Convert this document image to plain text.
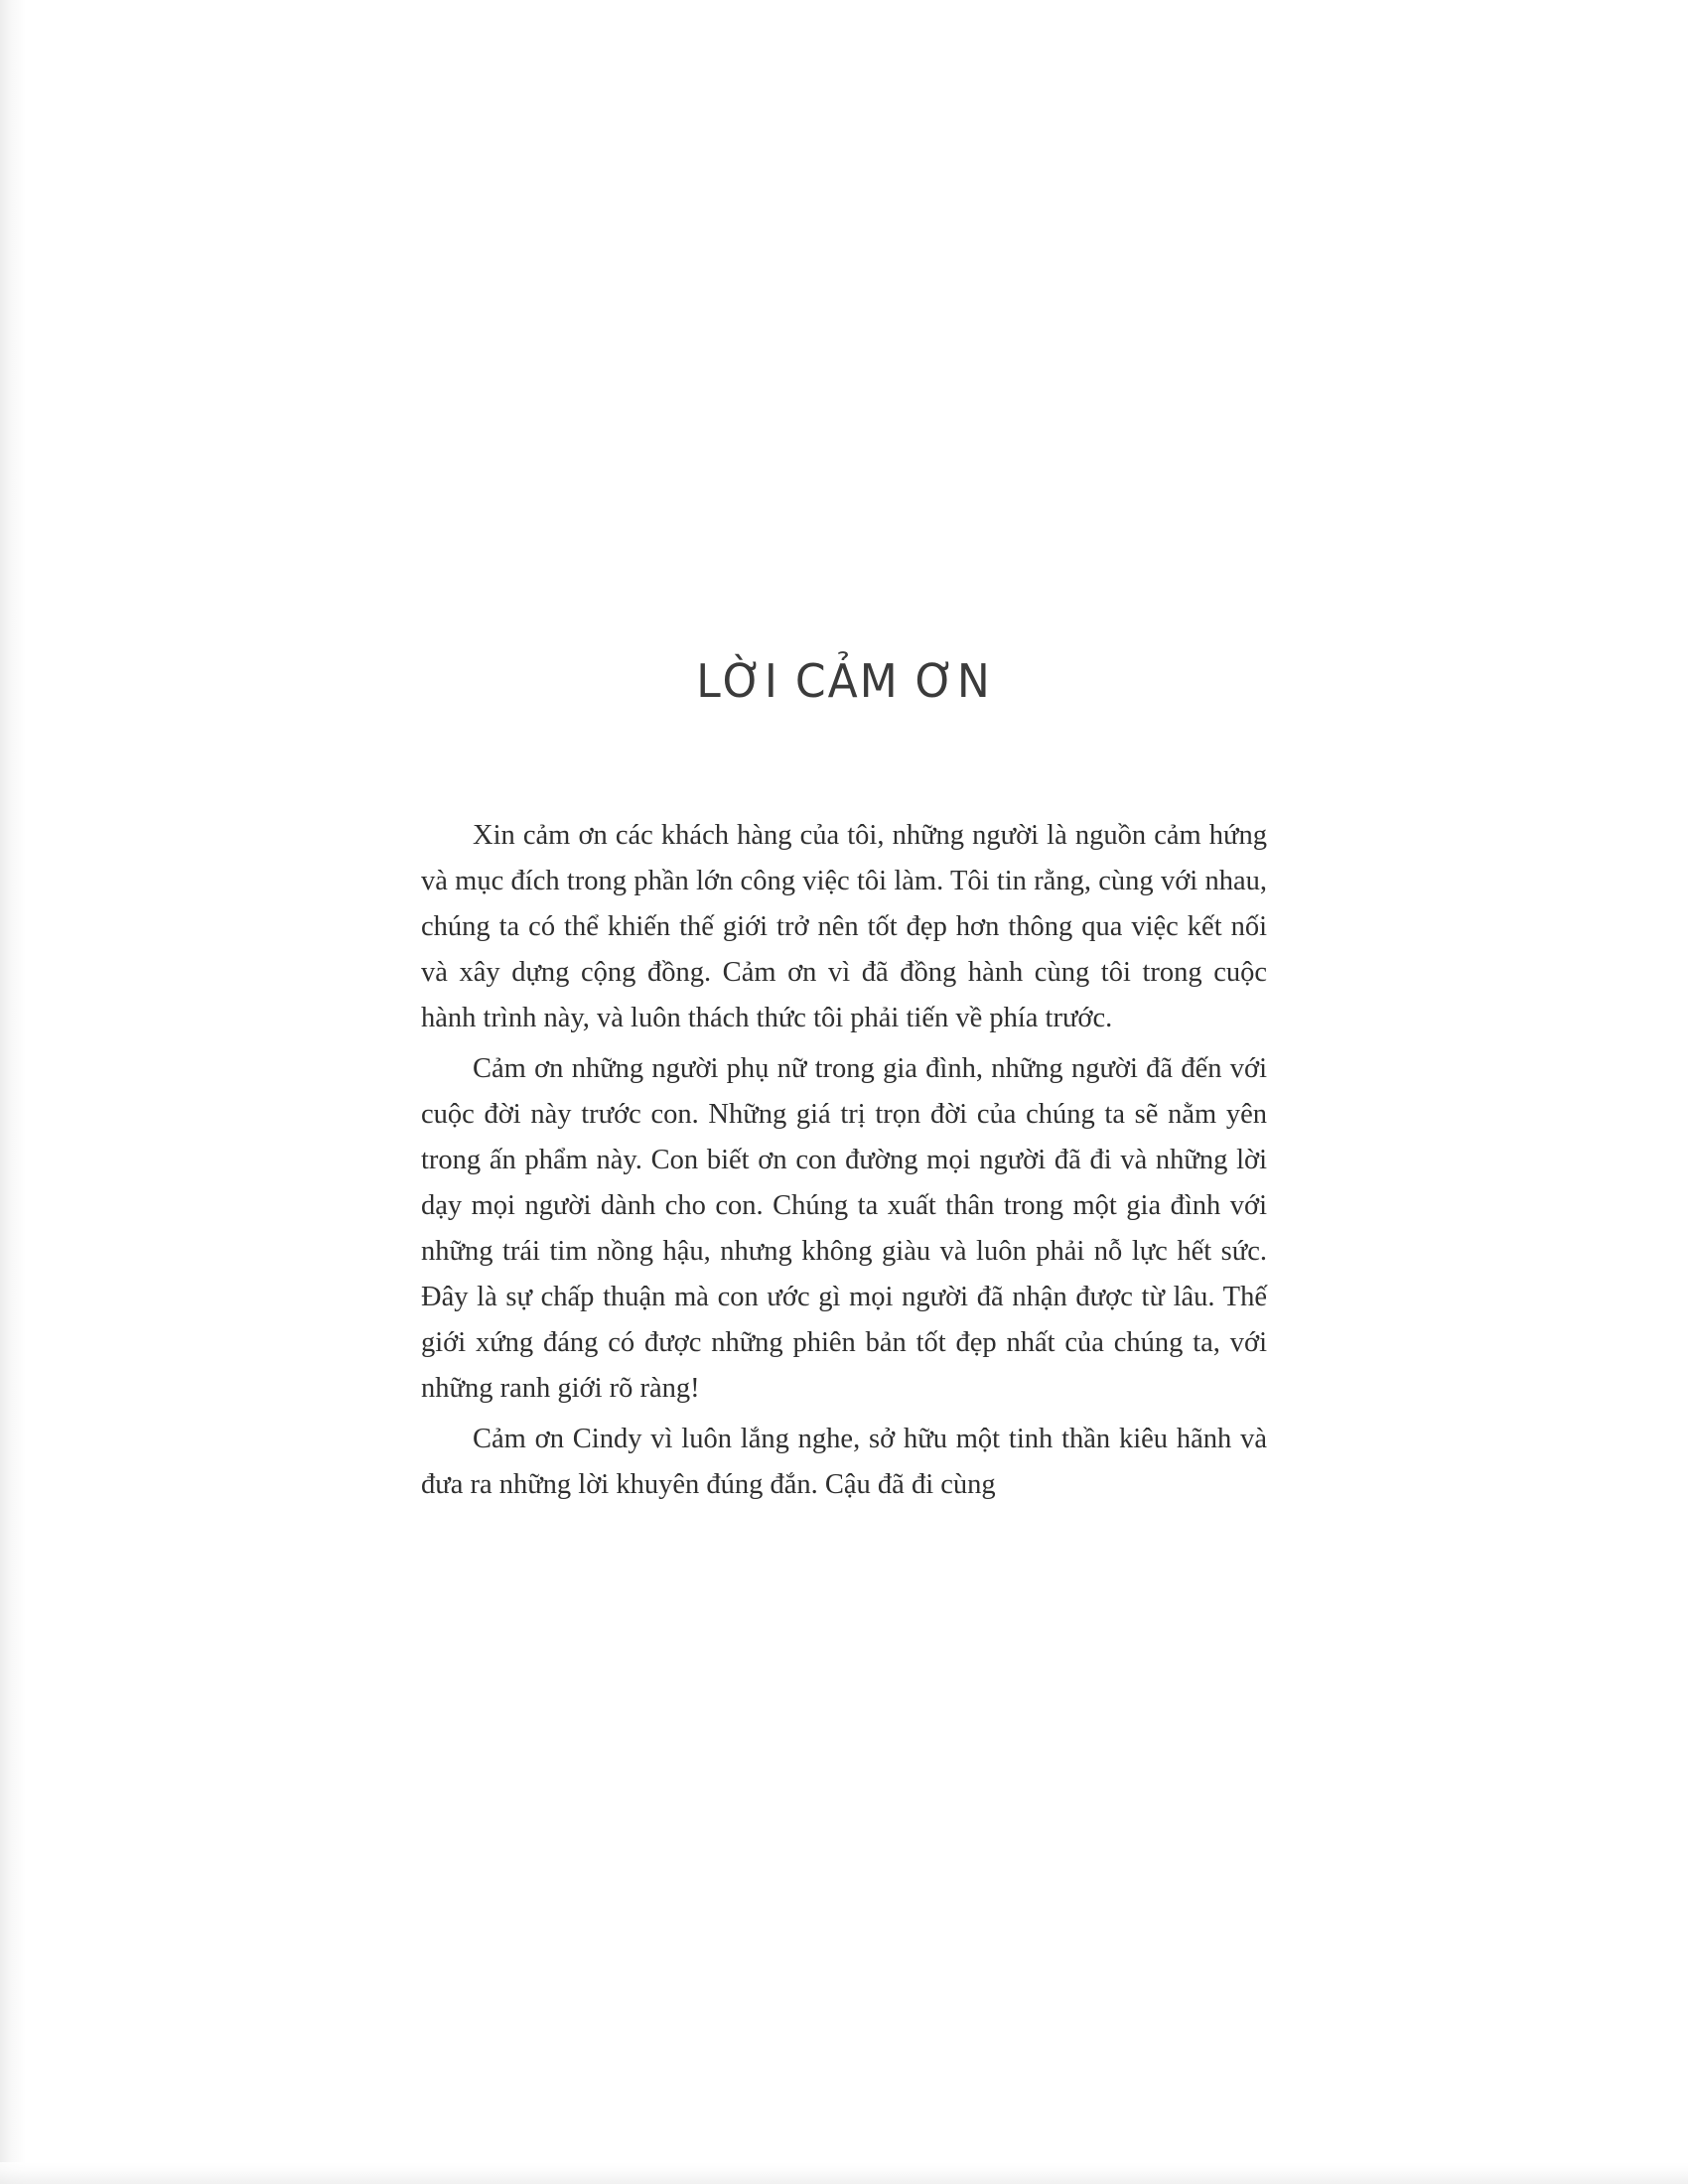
LỜI CẢM ƠN

Xin cảm ơn các khách hàng của tôi, những người là nguồn cảm hứng và mục đích trong phần lớn công việc tôi làm. Tôi tin rằng, cùng với nhau, chúng ta có thể khiến thế giới trở nên tốt đẹp hơn thông qua việc kết nối và xây dựng cộng đồng. Cảm ơn vì đã đồng hành cùng tôi trong cuộc hành trình này, và luôn thách thức tôi phải tiến về phía trước.

Cảm ơn những người phụ nữ trong gia đình, những người đã đến với cuộc đời này trước con. Những giá trị trọn đời của chúng ta sẽ nằm yên trong ấn phẩm này. Con biết ơn con đường mọi người đã đi và những lời dạy mọi người dành cho con. Chúng ta xuất thân trong một gia đình với những trái tim nồng hậu, nhưng không giàu và luôn phải nỗ lực hết sức. Đây là sự chấp thuận mà con ước gì mọi người đã nhận được từ lâu. Thế giới xứng đáng có được những phiên bản tốt đẹp nhất của chúng ta, với những ranh giới rõ ràng!

Cảm ơn Cindy vì luôn lắng nghe, sở hữu một tinh thần kiêu hãnh và đưa ra những lời khuyên đúng đắn. Cậu đã đi cùng
